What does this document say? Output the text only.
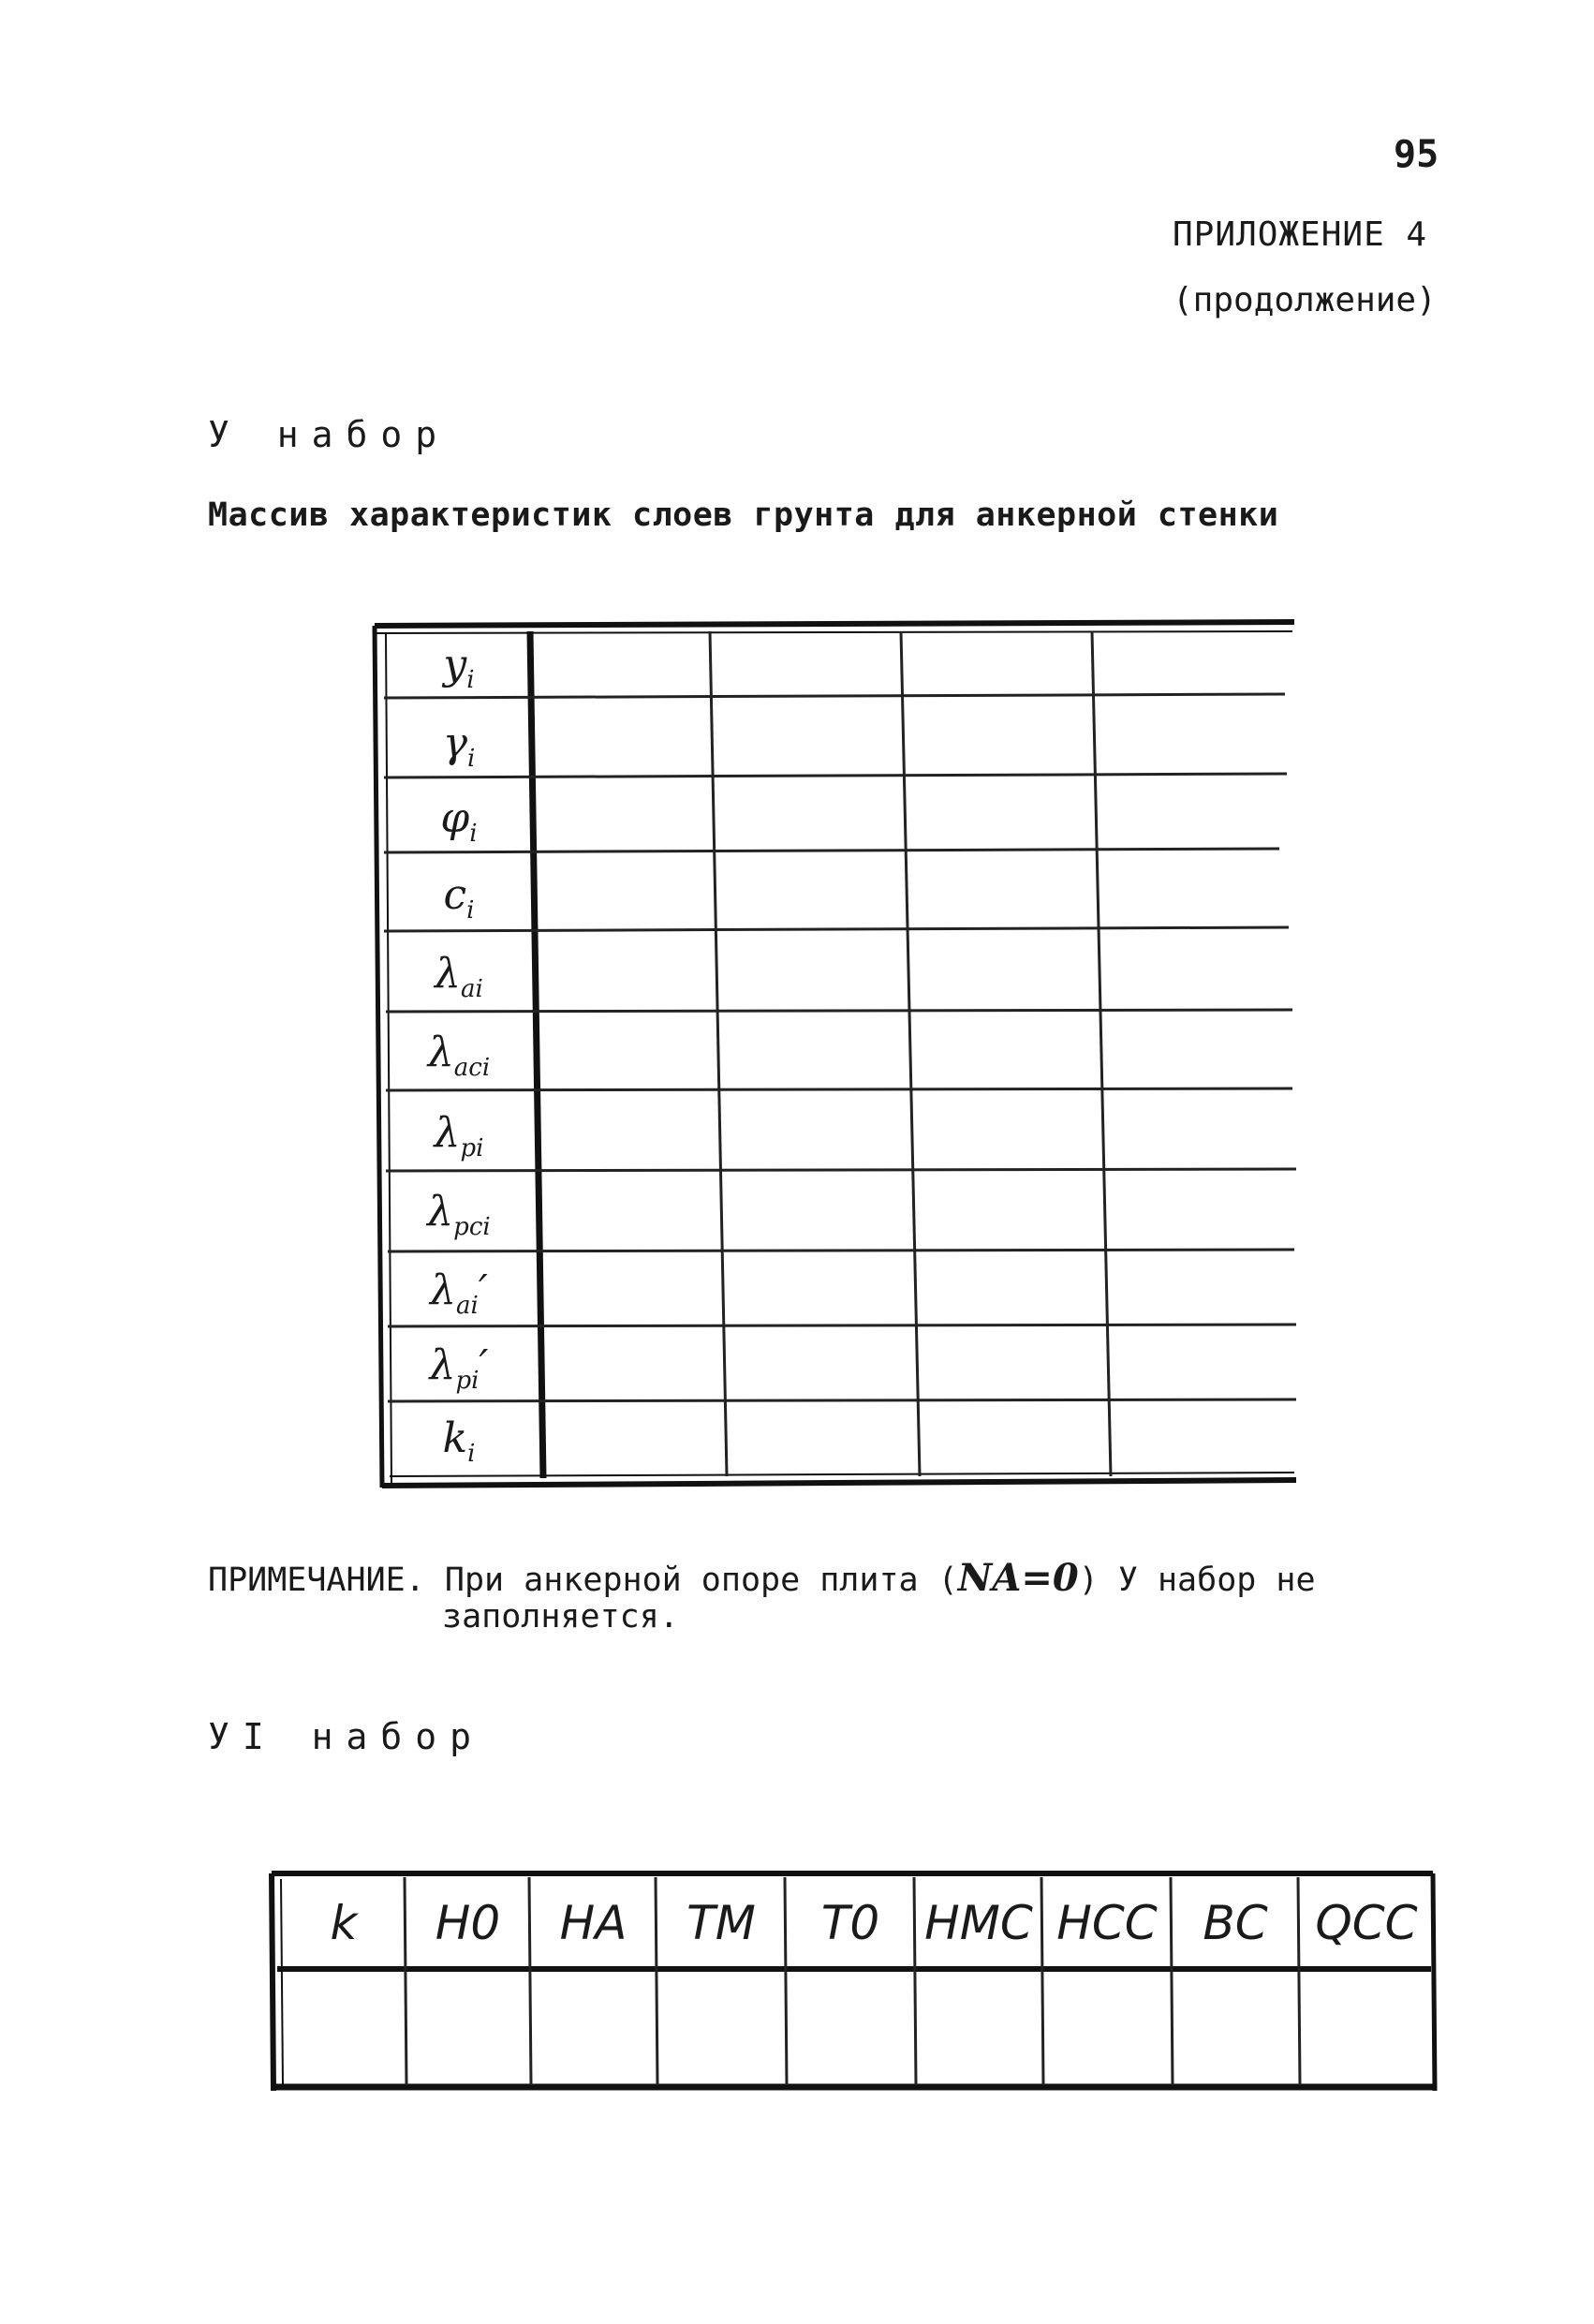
95
ПРИЛОЖЕНИЕ 4
(продолжение)
У набор
Массив характеристик слоев грунта для анкерной стенки
$y_i$
$\gamma_i$
$\varphi_i$
$c_i$
$\lambda_{ai}$
$\lambda_{aci}$
$\lambda_{pi}$
$\lambda_{pci}$
$\lambda_{ai}'$
$\lambda_{pi}'$
$k_i$
ПРИМЕЧАНИЕ. При анкерной опоре плита (NA=0) У набор не
заполняется.
УI набор
k	H0	HA	TM	T0 HMC HCC BC	QCC
